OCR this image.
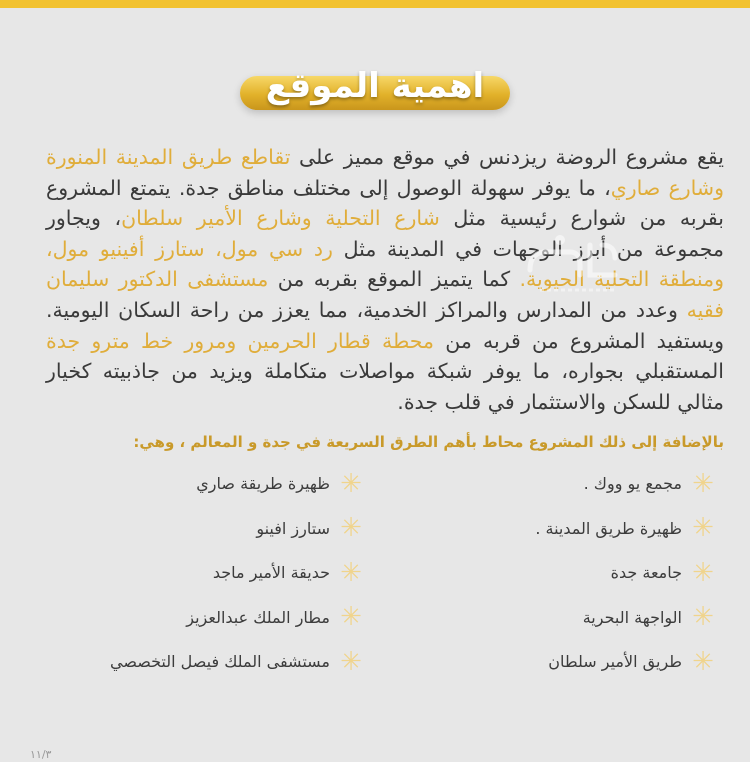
اهمية الموقع
يقع مشروع الروضة ريزدنس في موقع مميز على تقاطع طريق المدينة المنورة وشارع صاري، ما يوفر سهولة الوصول إلى مختلف مناطق جدة. يتمتع المشروع بقربه من شوارع رئيسية مثل شارع التحلية وشارع الأمير سلطان، ويجاور مجموعة من أبرز الوجهات في المدينة مثل رد سي مول، ستارز أفينيو مول، ومنطقة التحلية الحيوية. كما يتميز الموقع بقربه من مستشفى الدكتور سليمان فقيه وعدد من المدارس والمراكز الخدمية، مما يعزز من راحة السكان اليومية. ويستفيد المشروع من قربه من محطة قطار الحرمين ومرور خط مترو جدة المستقبلي بجواره، ما يوفر شبكة مواصلات متكاملة ويزيد من جاذبيته كخيار مثالي للسكن والاستثمار في قلب جدة.
بالإضافة إلى ذلك المشروع محاط بأهم الطرق السريعة في جدة و المعالم ، وهي:
✳
مجمع يو ووك .
✳
ظهيرة طريق المدينة .
✳
جامعة جدة
✳
الواجهة البحرية
✳
طريق الأمير سلطان
✳
ظهيرة طريقة صاري
✳
ستارز افينو
✳
حديقة الأمير ماجد
✳
مطار الملك عبدالعزيز
✳
مستشفى الملك فيصل التخصصي
١١/٣
